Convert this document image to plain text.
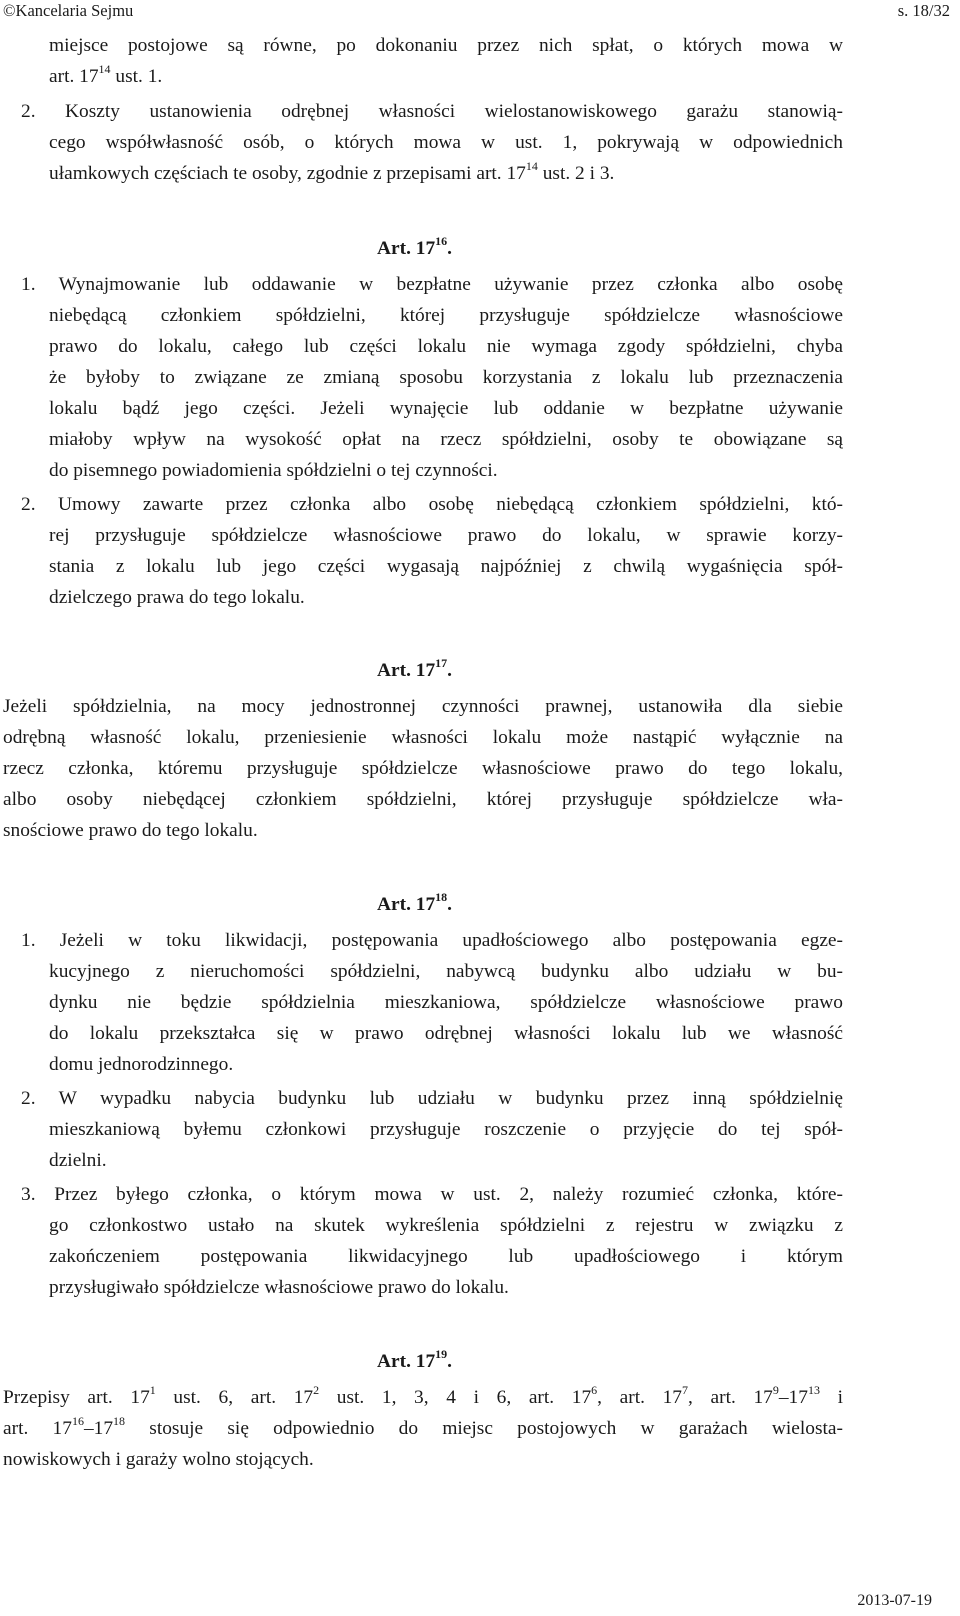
©Kancelaria Sejmu	s. 18/32
miejsce postojowe są równe, po dokonaniu przez nich spłat, o których mowa w
art. $17^{14}$ ust. 1.
2. Koszty ustanowienia odrębnej własności wielostanowiskowego garażu stanowią-
cego współwłasność osób, o których mowa w ust. 1, pokrywają w odpowiednich
ułamkowych częściach te osoby, zgodnie z przepisami art. $17^{14}$ ust. 2 i 3.
Art. $17^{16}$.
1. Wynajmowanie lub oddawanie w bezpłatne używanie przez członka albo osobę
niebędącą członkiem spółdzielni, której przysługuje spółdzielcze własnościowe
prawo do lokalu, całego lub części lokalu nie wymaga zgody spółdzielni, chyba
że byłoby to związane ze zmianą sposobu korzystania z lokalu lub przeznaczenia
lokalu bądź jego części. Jeżeli wynajęcie lub oddanie w bezpłatne używanie
miałoby wpływ na wysokość opłat na rzecz spółdzielni, osoby te obowiązane są
do pisemnego powiadomienia spółdzielni o tej czynności.
2. Umowy zawarte przez członka albo osobę niebędącą członkiem spółdzielni, któ-
rej przysługuje spółdzielcze własnościowe prawo do lokalu, w sprawie korzy-
stania z lokalu lub jego części wygasają najpóźniej z chwilą wygaśnięcia spół-
dzielczego prawa do tego lokalu.
Art. $17^{17}$.
Jeżeli spółdzielnia, na mocy jednostronnej czynności prawnej, ustanowiła dla siebie
odrębną własność lokalu, przeniesienie własności lokalu może nastąpić wyłącznie na
rzecz członka, któremu przysługuje spółdzielcze własnościowe prawo do tego lokalu,
albo osoby niebędącej członkiem spółdzielni, której przysługuje spółdzielcze wła-
snościowe prawo do tego lokalu.
Art. $17^{18}$.
1. Jeżeli w toku likwidacji, postępowania upadłościowego albo postępowania egze-
kucyjnego z nieruchomości spółdzielni, nabywcą budynku albo udziału w bu-
dynku nie będzie spółdzielnia mieszkaniowa, spółdzielcze własnościowe prawo
do lokalu przekształca się w prawo odrębnej własności lokalu lub we własność
domu jednorodzinnego.
2. W wypadku nabycia budynku lub udziału w budynku przez inną spółdzielnię
mieszkaniową byłemu członkowi przysługuje roszczenie o przyjęcie do tej spół-
dzielni.
3. Przez byłego członka, o którym mowa w ust. 2, należy rozumieć członka, które-
go członkostwo ustało na skutek wykreślenia spółdzielni z rejestru w związku z
zakończeniem postępowania likwidacyjnego lub upadłościowego i którym
przysługiwało spółdzielcze własnościowe prawo do lokalu.
Art. $17^{19}$.
Przepisy art. $17^1$ ust. 6, art. $17^2$ ust. 1, 3, 4 i 6, art. $17^6$, art. $17^7$, art. $17^9-17^{13}$ i
art. $17^{16}-17^{18}$ stosuje się odpowiednio do miejsc postojowych w garażach wielosta-
nowiskowych i garaży wolno stojących.
2013-07-19
